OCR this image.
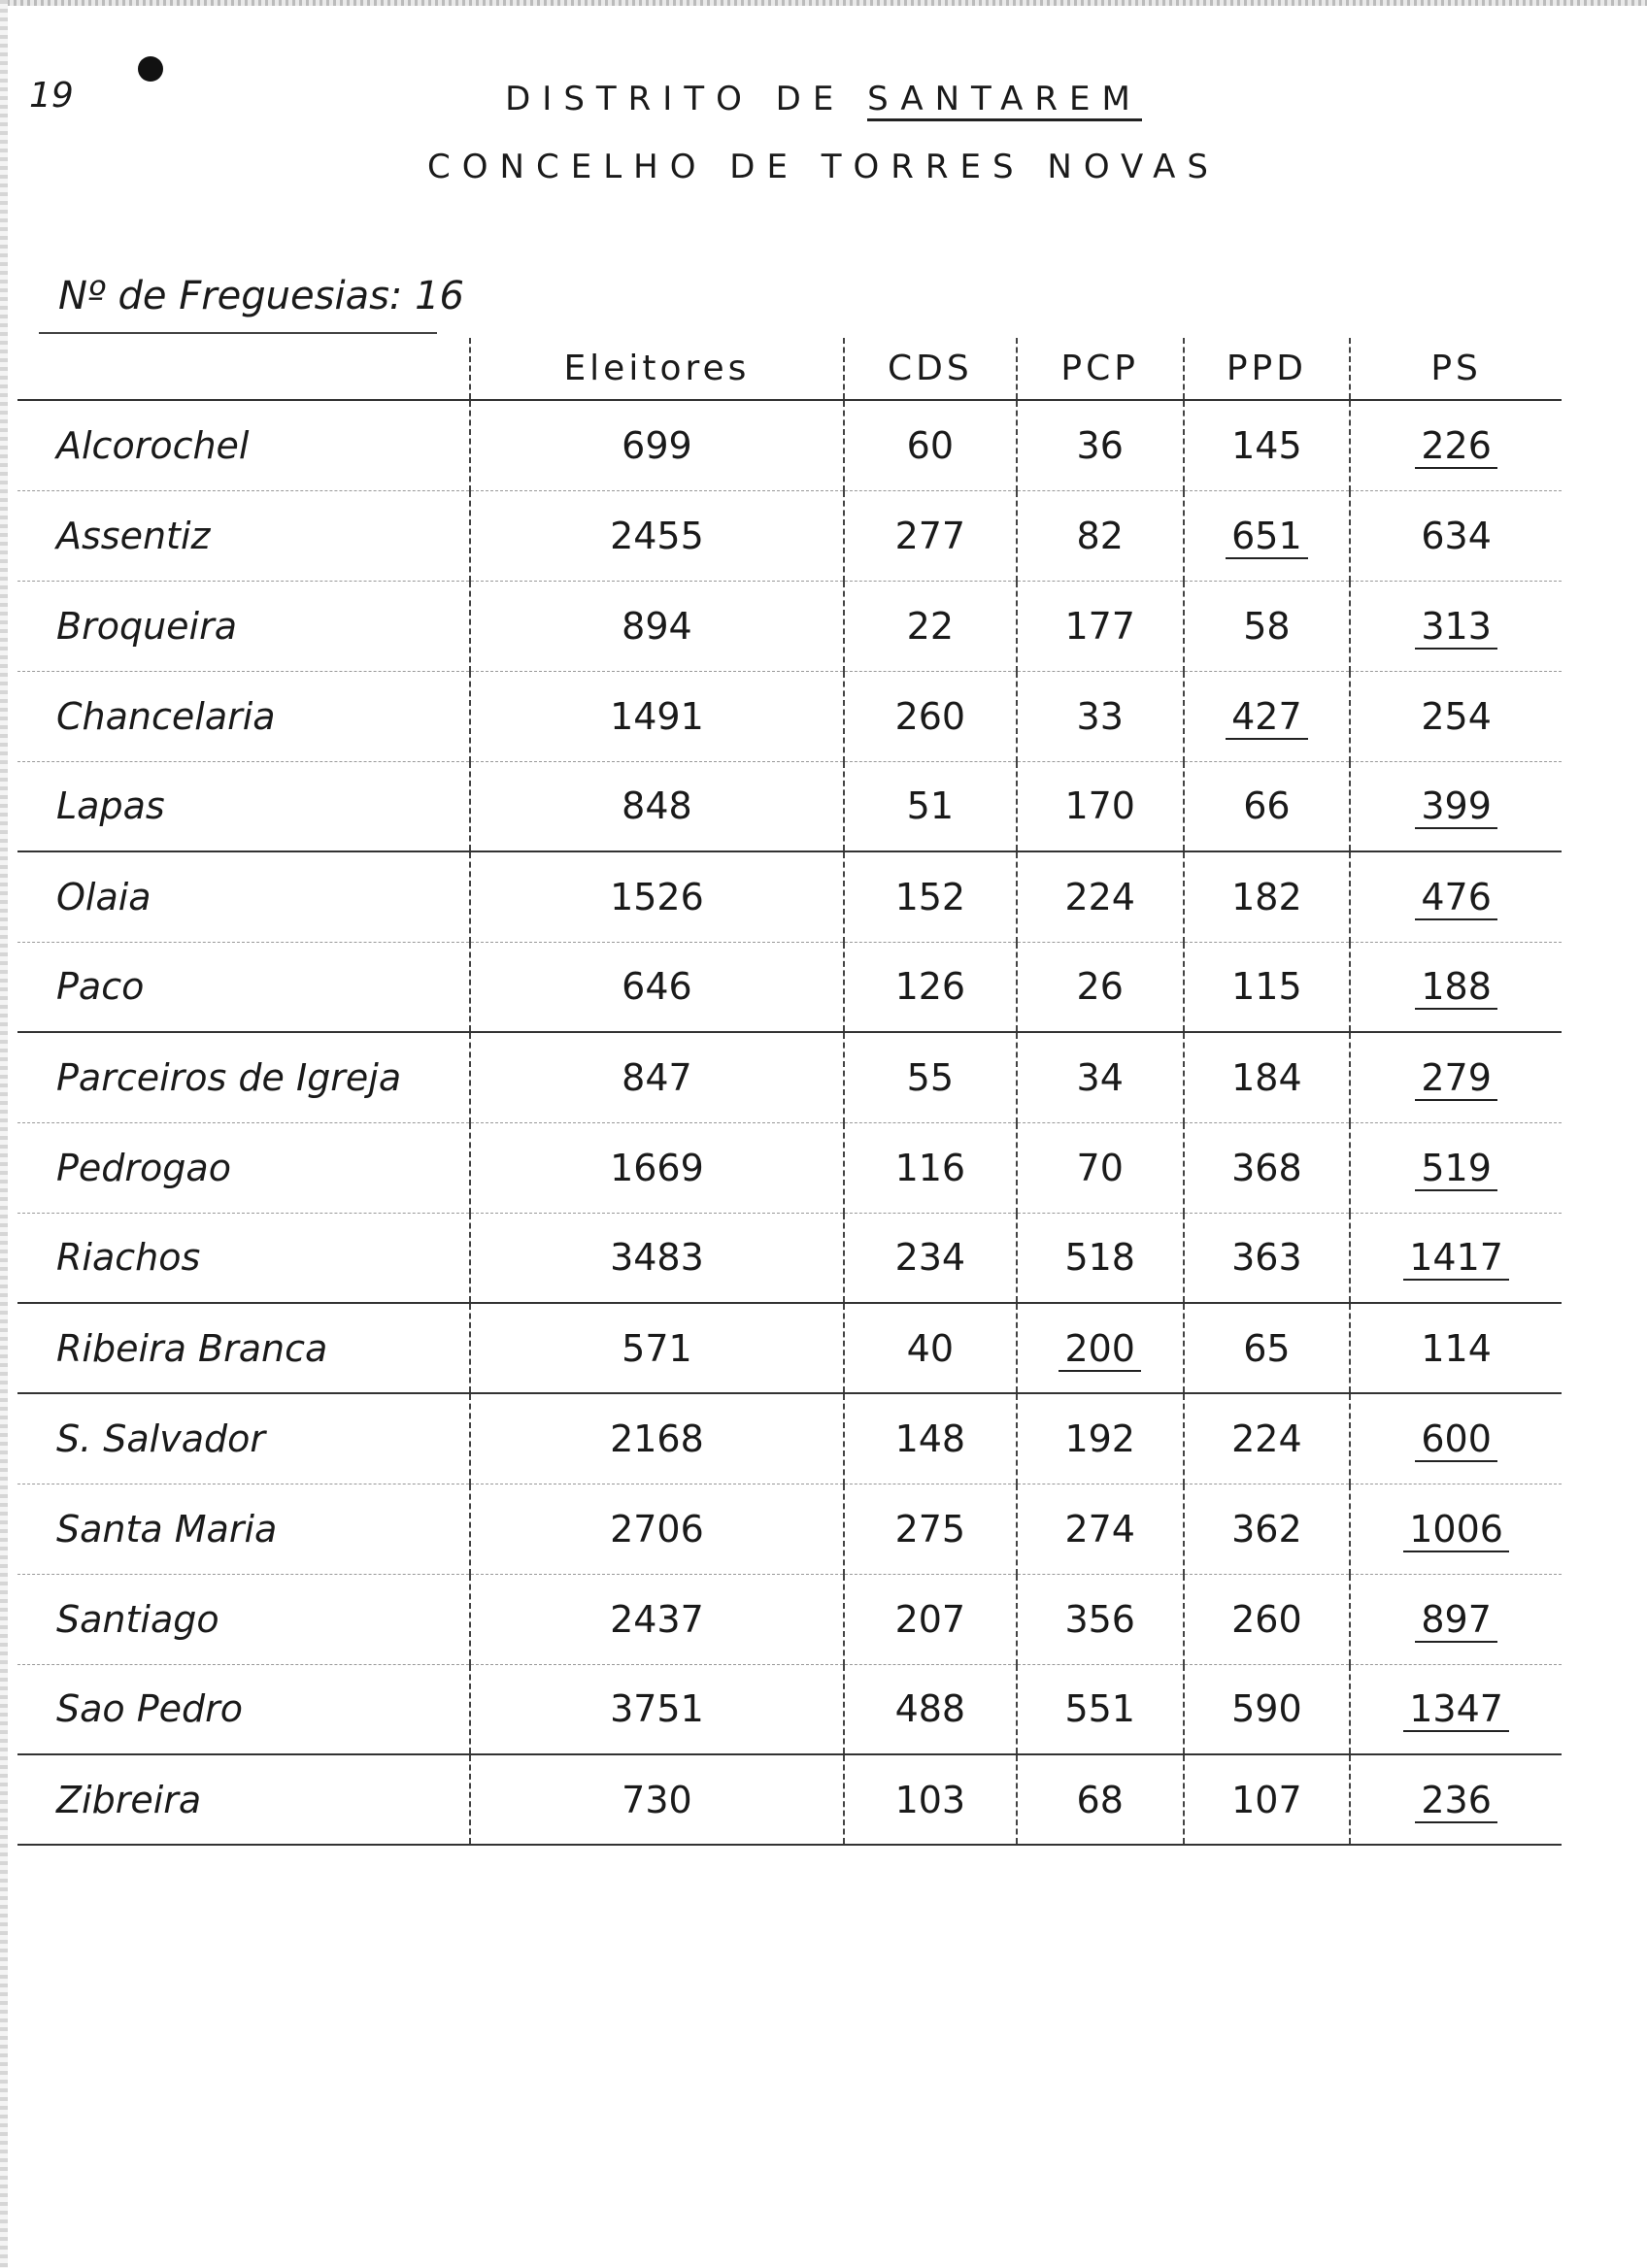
19	DISTRITO DE SANTAREM
CONCELHO DE TORRES NOVAS
Nº de Freguesias: 16
	Eleitores	CDS	PCP	PPD	PS
Alcorochel	699	60	36	145	226
Assentiz	2455	277	82	651	634
Broqueira	894	22	177	58	313
Chancelaria	1491	260	33	427	254
Lapas	848	51	170	66	399
Olaia	1526	152	224	182	476
Paco	646	126	26	115	188
Parceiros de Igreja	847	55	34	184	279
Pedrogao	1669	116	70	368	519
Riachos	3483	234	518	363	1417
Ribeira Branca	571	40	200	65	114
S. Salvador	2168	148	192	224	600
Santa Maria	2706	275	274	362	1006
Santiago	2437	207	356	260	897
Sao Pedro	3751	488	551	590	1347
Zibreira	730	103	68	107	236
